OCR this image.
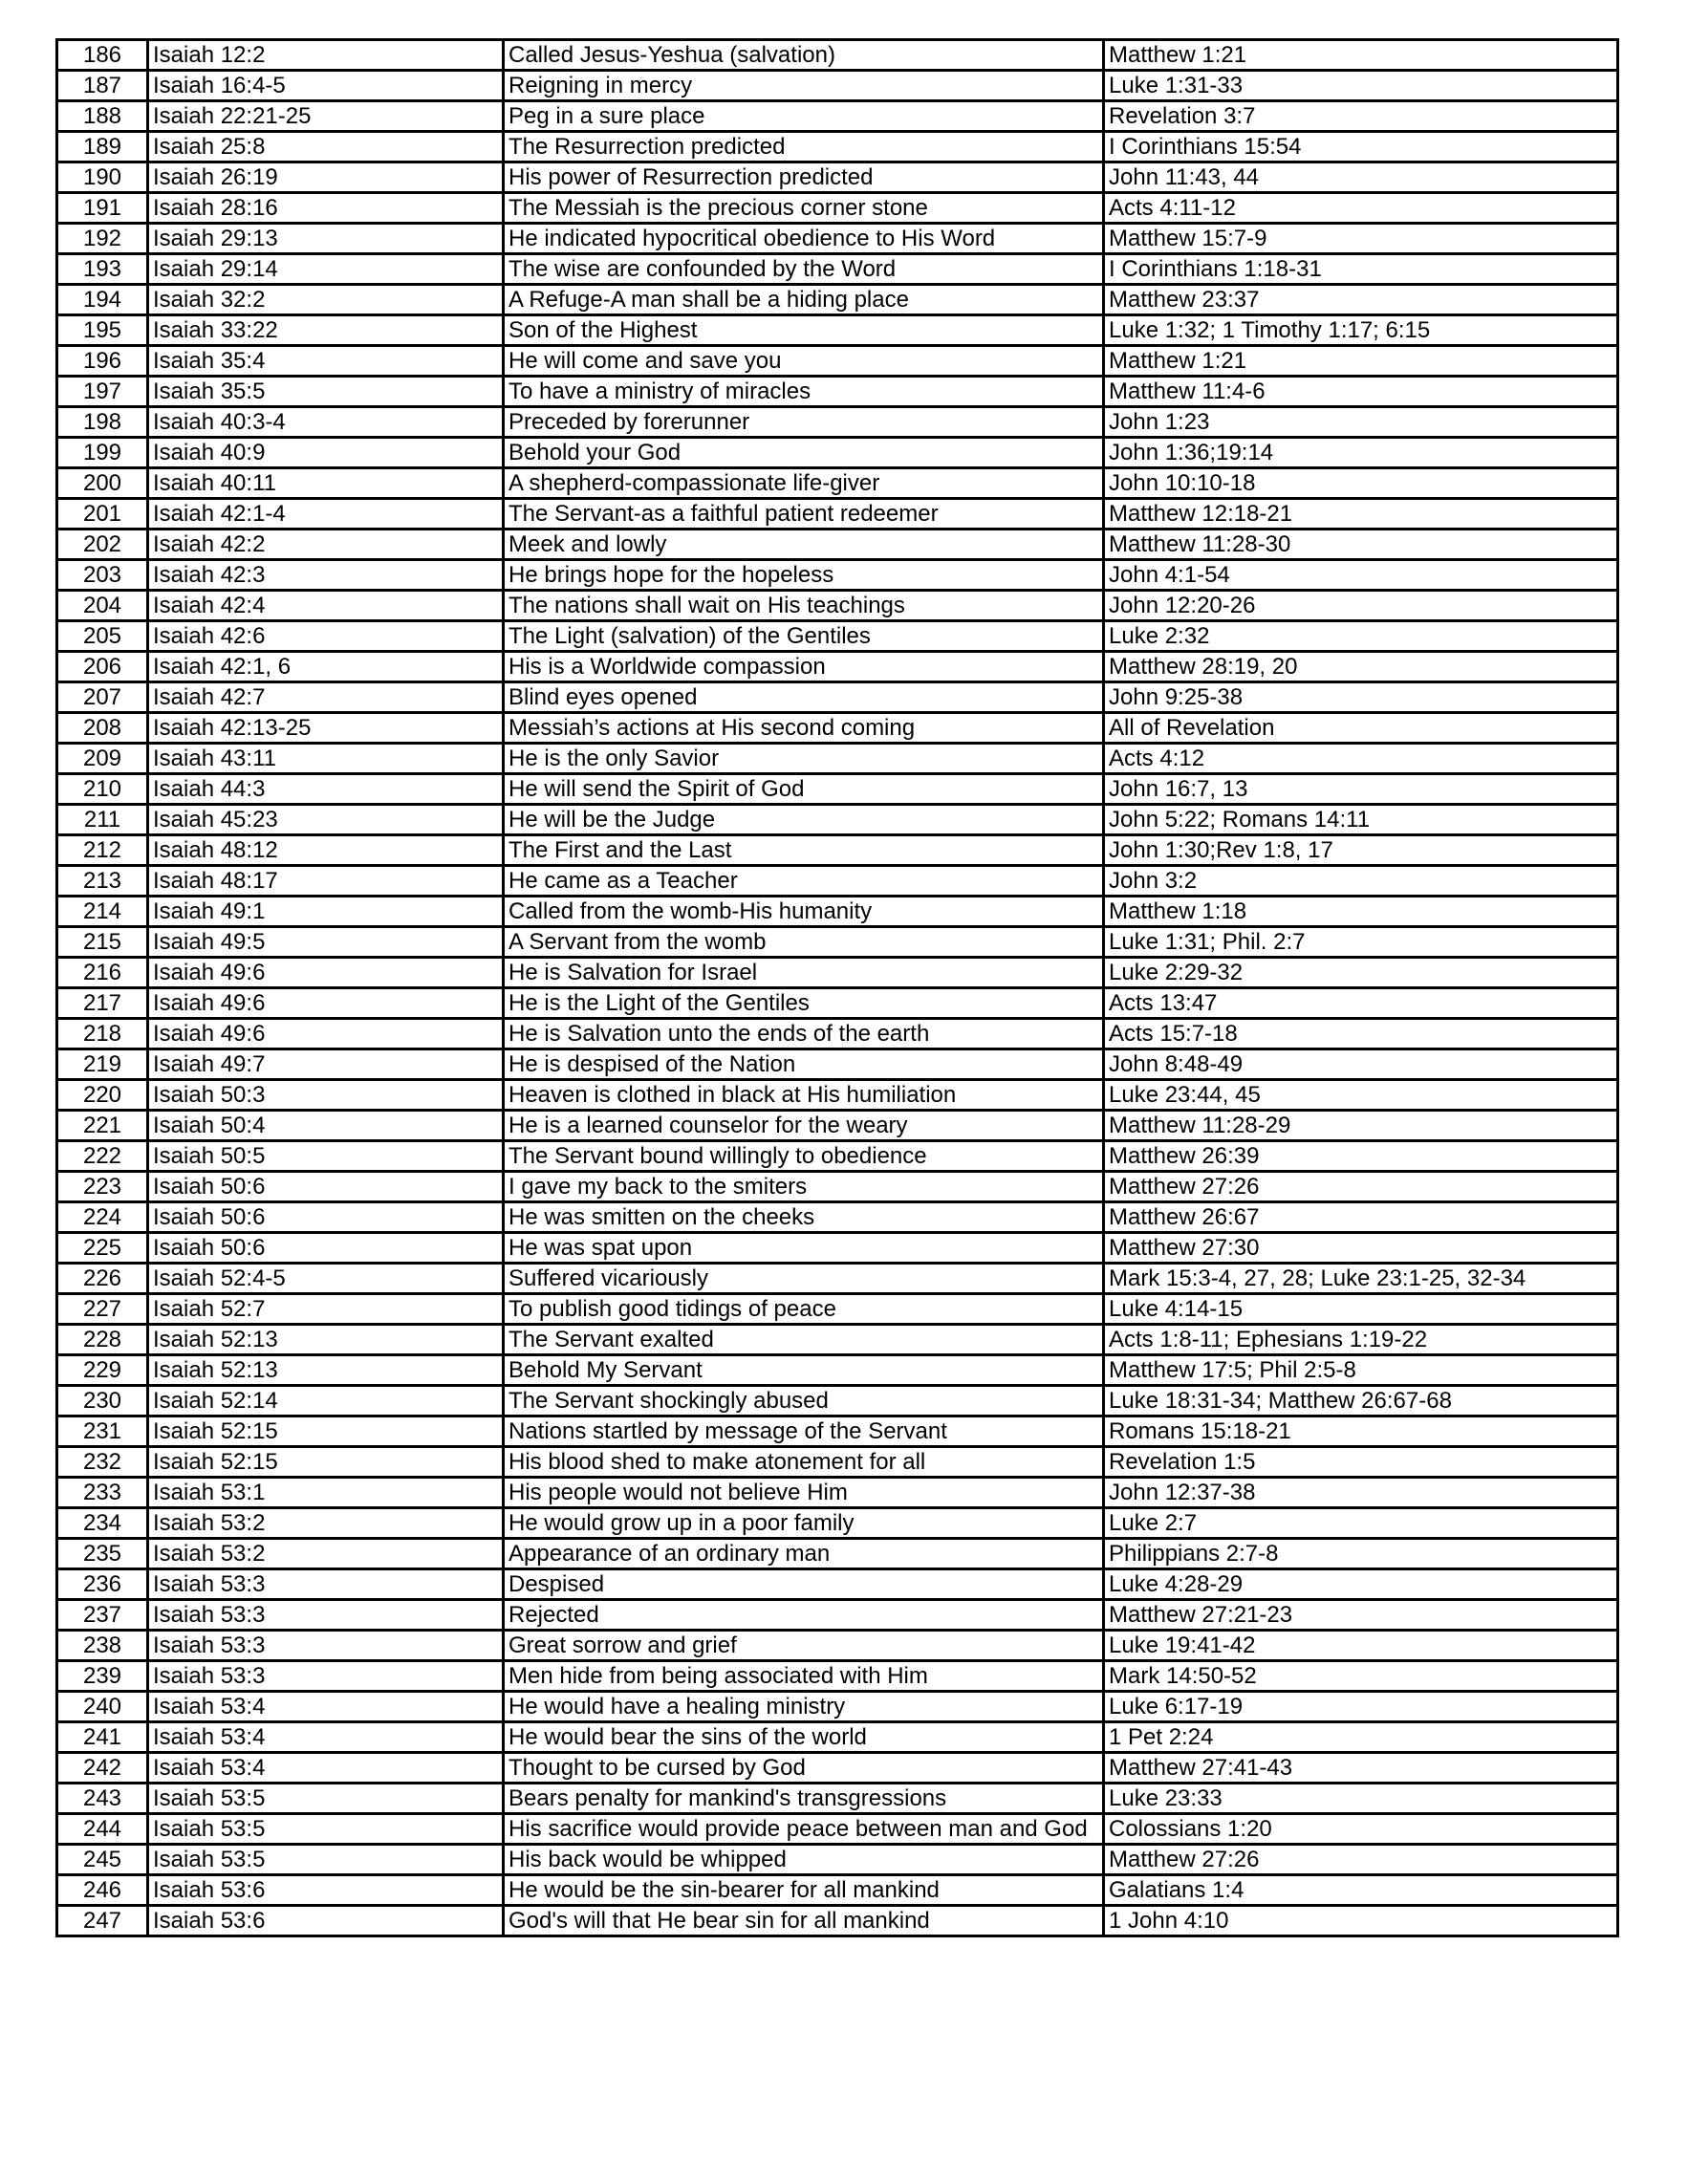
186	Isaiah 12:2	Called Jesus-Yeshua (salvation)	Matthew 1:21
187	Isaiah 16:4-5	Reigning in mercy	Luke 1:31-33
188	Isaiah 22:21-25	Peg in a sure place	Revelation 3:7
189	Isaiah 25:8	The Resurrection predicted	I Corinthians 15:54
190	Isaiah 26:19	His power of Resurrection predicted	John 11:43, 44
191	Isaiah 28:16	The Messiah is the precious corner stone	Acts 4:11-12
192	Isaiah 29:13	He indicated hypocritical obedience to His Word	Matthew 15:7-9
193	Isaiah 29:14	The wise are confounded by the Word	I Corinthians 1:18-31
194	Isaiah 32:2	A Refuge-A man shall be a hiding place	Matthew 23:37
195	Isaiah 33:22	Son of the Highest	Luke 1:32; 1 Timothy 1:17; 6:15
196	Isaiah 35:4	He will come and save you	Matthew 1:21
197	Isaiah 35:5	To have a ministry of miracles	Matthew 11:4-6
198	Isaiah 40:3-4	Preceded by forerunner	John 1:23
199	Isaiah 40:9	Behold your God	John 1:36;19:14
200	Isaiah 40:11	A shepherd-compassionate life-giver	John 10:10-18
201	Isaiah 42:1-4	The Servant-as a faithful patient redeemer	Matthew 12:18-21
202	Isaiah 42:2	Meek and lowly	Matthew 11:28-30
203	Isaiah 42:3	He brings hope for the hopeless	John 4:1-54
204	Isaiah 42:4	The nations shall wait on His teachings	John 12:20-26
205	Isaiah 42:6	The Light (salvation) of the Gentiles	Luke 2:32
206	Isaiah 42:1, 6	His is a Worldwide compassion	Matthew 28:19, 20
207	Isaiah 42:7	Blind eyes opened	John 9:25-38
208	Isaiah 42:13-25	Messiah’s actions at His second coming	All of Revelation
209	Isaiah 43:11	He is the only Savior	Acts 4:12
210	Isaiah 44:3	He will send the Spirit of God	John 16:7, 13
211	Isaiah 45:23	He will be the Judge	John 5:22; Romans 14:11
212	Isaiah 48:12	The First and the Last	John 1:30;Rev 1:8, 17
213	Isaiah 48:17	He came as a Teacher	John 3:2
214	Isaiah 49:1	Called from the womb-His humanity	Matthew 1:18
215	Isaiah 49:5	A Servant from the womb	Luke 1:31; Phil. 2:7
216	Isaiah 49:6	He is Salvation for Israel	Luke 2:29-32
217	Isaiah 49:6	He is the Light of the Gentiles	Acts 13:47
218	Isaiah 49:6	He is Salvation unto the ends of the earth	Acts 15:7-18
219	Isaiah 49:7	He is despised of the Nation	John 8:48-49
220	Isaiah 50:3	Heaven is clothed in black at His humiliation	Luke 23:44, 45
221	Isaiah 50:4	He is a learned counselor for the weary	Matthew 11:28-29
222	Isaiah 50:5	The Servant bound willingly to obedience	Matthew 26:39
223	Isaiah 50:6	I gave my back to the smiters	Matthew 27:26
224	Isaiah 50:6	He was smitten on the cheeks	Matthew 26:67
225	Isaiah 50:6	He was spat upon	Matthew 27:30
226	Isaiah 52:4-5	Suffered vicariously	Mark 15:3-4, 27, 28; Luke 23:1-25, 32-34
227	Isaiah 52:7	To publish good tidings of peace	Luke 4:14-15
228	Isaiah 52:13	The Servant exalted	Acts 1:8-11; Ephesians 1:19-22
229	Isaiah 52:13	Behold My Servant	Matthew 17:5; Phil 2:5-8
230	Isaiah 52:14	The Servant shockingly abused	Luke 18:31-34; Matthew 26:67-68
231	Isaiah 52:15	Nations startled by message of the Servant	Romans 15:18-21
232	Isaiah 52:15	His blood shed to make atonement for all	Revelation 1:5
233	Isaiah 53:1	His people would not believe Him	John 12:37-38
234	Isaiah 53:2	He would grow up in a poor family	Luke 2:7
235	Isaiah 53:2	Appearance of an ordinary man	Philippians 2:7-8
236	Isaiah 53:3	Despised	Luke 4:28-29
237	Isaiah 53:3	Rejected	Matthew 27:21-23
238	Isaiah 53:3	Great sorrow and grief	Luke 19:41-42
239	Isaiah 53:3	Men hide from being associated with Him	Mark 14:50-52
240	Isaiah 53:4	He would have a healing ministry	Luke 6:17-19
241	Isaiah 53:4	He would bear the sins of the world	1 Pet 2:24
242	Isaiah 53:4	Thought to be cursed by God	Matthew 27:41-43
243	Isaiah 53:5	Bears penalty for mankind's transgressions	Luke 23:33
244	Isaiah 53:5	His sacrifice would provide peace between man and God	Colossians 1:20
245	Isaiah 53:5	His back would be whipped	Matthew 27:26
246	Isaiah 53:6	He would be the sin-bearer for all mankind	Galatians 1:4
247	Isaiah 53:6	God's will that He bear sin for all mankind	1 John 4:10
